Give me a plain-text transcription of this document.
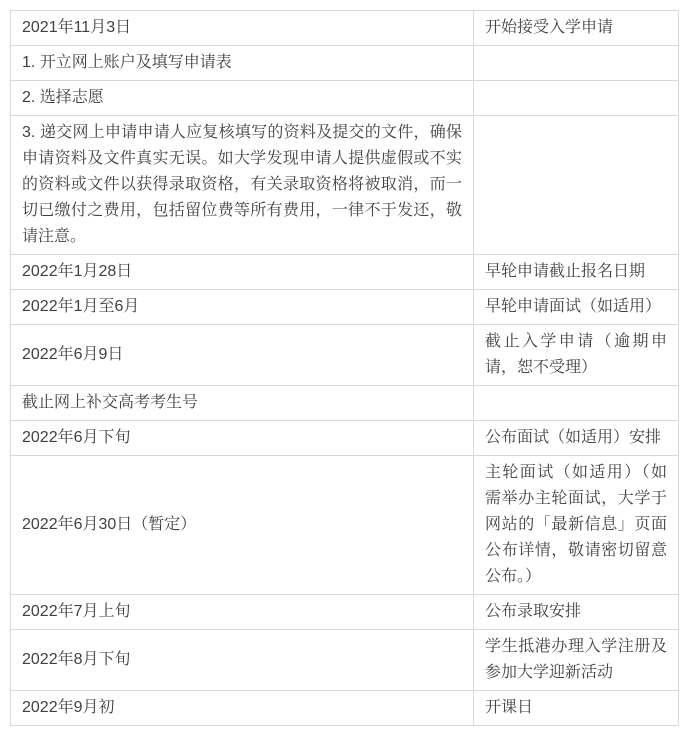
2021年11月3日	开始接受入学申请
1. 开立网上账户及填写申请表	
2. 选择志愿	
3. 递交网上申请申请人应复核填写的资料及提交的文件，确保申请资料及文件真实无误。如大学发现申请人提供虚假或不实的资料或文件以获得录取资格，有关录取资格将被取消，而一切已缴付之费用，包括留位费等所有费用，一律不于发还，敬请注意。	
2022年1月28日	早轮申请截止报名日期
2022年1月至6月	早轮申请面试（如适用）
2022年6月9日	截止入学申请（逾期申请，恕不受理）
截止网上补交高考考生号	
2022年6月下旬	公布面试（如适用）安排
2022年6月30日（暂定）	主轮面试（如适用）（如需举办主轮面试，大学于网站的「最新信息」页面公布详情，敬请密切留意公布。）
2022年7月上旬	公布录取安排
2022年8月下旬	学生抵港办理入学注册及参加大学迎新活动
2022年9月初	开课日
